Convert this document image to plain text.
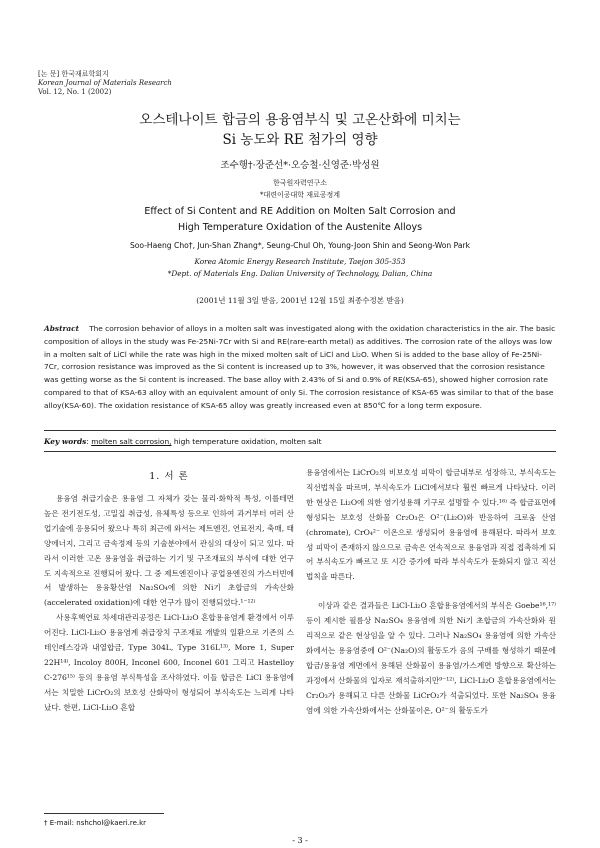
[논 문] 한국재료학회지
Korean Journal of Materials Research
Vol. 12, No. 1 (2002)
오스테나이트 합금의 용융염부식 및 고온산화에 미치는
Si 농도와 RE 첨가의 영향
조수행†·장준선*·오승철·신영준·박성원
한국원자력연구소
*대련이공대학 재료공정계
Effect of Si Content and RE Addition on Molten Salt Corrosion and
High Temperature Oxidation of the Austenite Alloys
Soo-Haeng Cho†, Jun-Shan Zhang*, Seung-Chul Oh, Young-Joon Shin and Seong-Won Park
Korea Atomic Energy Research Institute, Taejon 305-353
*Dept. of Materials Eng. Dalian University of Technology, Dalian, China
(2001년 11월 3일 받음, 2001년 12월 15일 최종수정본 받음)
Abstract The corrosion behavior of alloys in a molten salt was investigated along with the oxidation characteristics in the air. The basic composition of alloys in the study was Fe-25Ni-7Cr with Si and RE(rare-earth metal) as additives. The corrosion rate of the alloys was low in a molten salt of LiCl while the rate was high in the mixed molten salt of LiCl and Li₂O. When Si is added to the base alloy of Fe-25Ni-7Cr, corrosion resistance was improved as the Si content is increased up to 3%, however, it was observed that the corrosion resistance was getting worse as the Si content is increased. The base alloy with 2.43% of Si and 0.9% of RE(KSA-65), showed higher corrosion rate compared to that of KSA-63 alloy with an equivalent amount of only Si. The corrosion resistance of KSA-65 was similar to that of the base alloy(KSA-60). The oxidation resistance of KSA-65 alloy was greatly increased even at 850℃ for a long term exposure.
Key words: molten salt corrosion, high temperature oxidation, molten salt
1. 서 론

용융염 취급기술은 용융염 그 자체가 갖는 물리·화학적 특성, 이를테면 높은 전기전도성, 고밀집 취급성, 유체특성 등으로 인하여 과거부터 여러 산업기술에 응용되어 왔으나 특히 최근에 와서는 제트엔진, 연료전지, 축매, 태양에너지, 그리고 금속정제 등의 기술분야에서 관심의 대상이 되고 있다. 따라서 이러한 고온 용융염을 취급하는 기기 및 구조재료의 부식에 대한 연구도 지속적으로 진행되어 왔다. 그 중 제트엔진이나 공업용엔진의 가스터빈에서 발생하는 용융황산염 Na₂SO₄에 의한 Ni기 초합금의 가속산화(accelerated oxidation)에 대한 연구가 많이 진행되었다.¹⁻¹²⁾

사용후핵연료 차세대관리공정은 LiCl-Li₂O 혼합용융염계 환경에서 이루어진다. LiCl-Li₂O 용융염계 취급장치 구조재료 개발의 일환으로 기존의 스테인레스강과 내열합금, Type 304L, Type 316L¹³⁾, More 1, Super 22H¹⁴⁾, Incoloy 800H, Inconel 600, Inconel 601 그리고 Hastelloy C-276¹⁵⁾ 등의 용융염 부식특성을 조사하였다. 이들 합금은 LiCl 용융염에서는 치밀한 LiCrO₂의 보호성 산화막이 형성되어 부식속도는 느리게 나타났다. 한편, LiCl-Li₂O 혼합

용융염에서는 LiCrO₂의 비보호성 피막이 합금내부로 성장하고, 부식속도는 직선법칙을 따르며, 부식속도가 LiCl에서보다 훨씬 빠르게 나타났다. 이러한 현상은 Li₂O에 의한 염기성용해 기구로 설명할 수 있다.¹⁶⁾ 즉 합금표면에 형성되는 보호성 산화물 Cr₂O₃은 O²⁻(Li₂O)와 반응하여 크로움 산염(chromate), CrO₄²⁻ 이온으로 생성되어 용융염에 용해된다. 따라서 보호성 피막이 존재하지 않으므로 금속은 연속적으로 용융염과 직접 접촉하게 되어 부식속도가 빠르고 또 시간 증가에 따라 부식속도가 둔화되지 않고 직선법칙을 따른다.

이상과 같은 결과들은 LiCl-Li₂O 혼합용융염에서의 부식은 Goebe¹⁶,¹⁷⁾ 등이 제시한 필름상 Na₂SO₄ 용융염에 의한 Ni기 초합금의 가속산화와 원리적으로 같은 현상임을 알 수 있다. 그러나 Na₂SO₄ 용융염에 의한 가속산화에서는 용융염중에 O²⁻(Na₂O)의 활동도가 음의 구배를 형성하기 때문에 합금/용융염 계면에서 용해된 산화물이 용융염/가스계면 방향으로 확산하는 과정에서 산화물의 입자로 재석출하지만⁹⁻¹²⁾, LiCl-Li₂O 혼합용융염에서는 Cr₂O₃가 용해되고 다른 산화물 LiCrO₂가 석출되었다. 또한 Na₂SO₄ 용융염에 의한 가속산화에서는 산화물이온, O²⁻의 활동도가

† E-mail: nshchol@kaeri.re.kr
- 3 -
